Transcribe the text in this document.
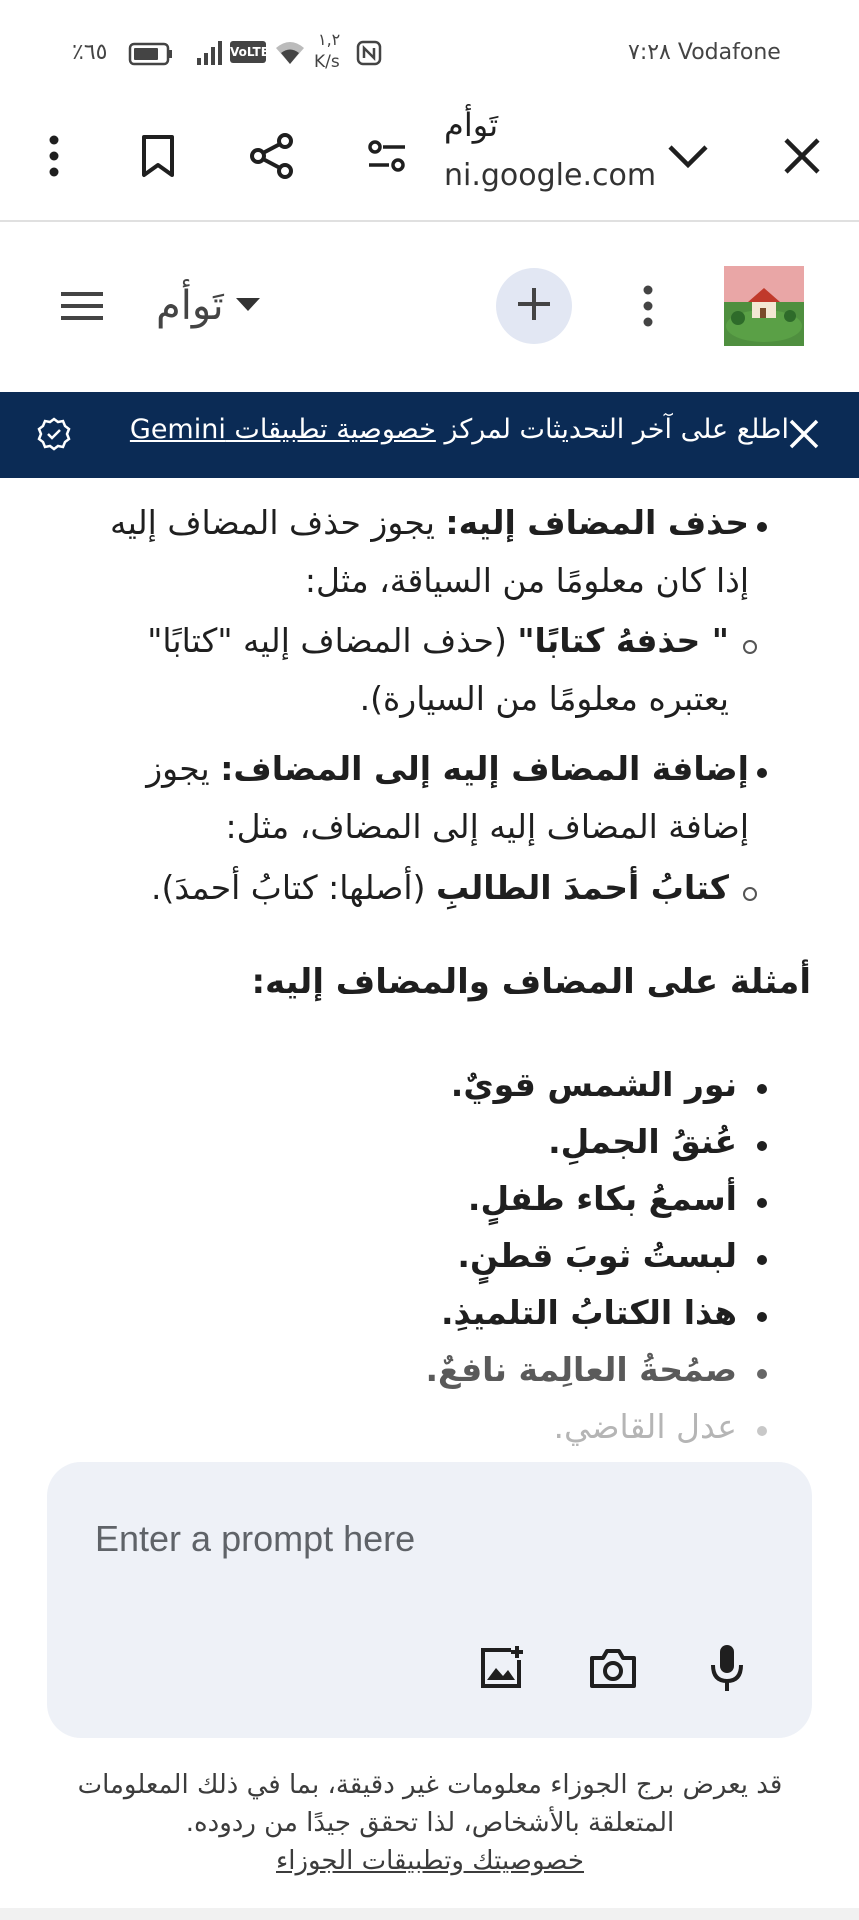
٪٦٥	VoLTE
١,٢
K/s	٧:٢٨ Vodafone
تَوأم
ni.google.com
تَوأم
اطلع على آخر التحديثات لمركز خصوصية تطبيقات Gemini
حذف المضاف إليه: يجوز حذف المضاف إليه إذا كان معلومًا من السياقة، مثل:
" حذفهُ كتابًا" (حذف المضاف إليه "كتابًا" يعتبره معلومًا من السيارة).
إضافة المضاف إليه إلى المضاف: يجوز إضافة المضاف إليه إلى المضاف، مثل:
كتابُ أحمدَ الطالبِ (أصلها: كتابُ أحمدَ).
أمثلة على المضاف والمضاف إليه:
نور الشمس قويٌ.
عُنقُ الجملِ.
أسمعُ بكاء طفلٍ.
لبستُ ثوبَ قطنٍ.
هذا الكتابُ التلميذِ.
صمُحةُ العالِمة نافعٌ.
عدل القاضي.
Enter a prompt here
قد يعرض برج الجوزاء معلومات غير دقيقة، بما في ذلك المعلومات المتعلقة بالأشخاص، لذا تحقق جيدًا من ردوده.
خصوصيتك وتطبيقات الجوزاء
